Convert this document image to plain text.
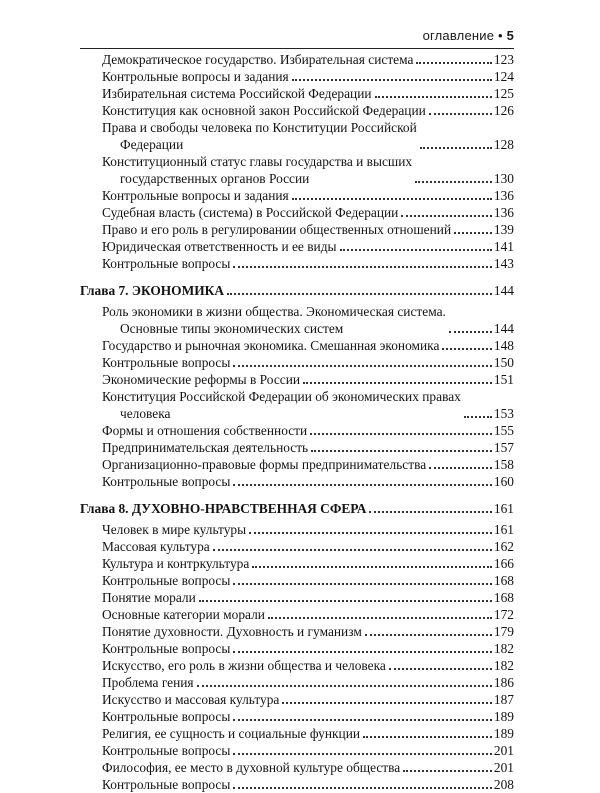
оглавление • 5
Демократическое государство. Избирательная система	123
Контрольные вопросы и задания	124
Избирательная система Российской Федерации	125
Конституция как основной закон Российской Федерации	126
Права и свободы человека по Конституции Российской
Федерации	128
Конституционный статус главы государства и высших
государственных органов России	130
Контрольные вопросы и задания	136
Судебная власть (система) в Российской Федерации	136
Право и его роль в регулировании общественных отношений	139
Юридическая ответственность и ее виды	141
Контрольные вопросы	143
Глава 7. ЭКОНОМИКА	144
Роль экономики в жизни общества. Экономическая система.
Основные типы экономических систем	144
Государство и рыночная экономика. Смешанная экономика	148
Контрольные вопросы	150
Экономические реформы в России	151
Конституция Российской Федерации об экономических правах
человека	153
Формы и отношения собственности	155
Предпринимательская деятельность	157
Организационно-правовые формы предпринимательства	158
Контрольные вопросы	160
Глава 8. ДУХОВНО-НРАВСТВЕННАЯ СФЕРА	161
Человек в мире культуры	161
Массовая культура	162
Культура и контркультура	166
Контрольные вопросы	168
Понятие морали	168
Основные категории морали	172
Понятие духовности. Духовность и гуманизм	179
Контрольные вопросы	182
Искусство, его роль в жизни общества и человека	182
Проблема гения	186
Искусство и массовая культура	187
Контрольные вопросы	189
Религия, ее сущность и социальные функции	189
Контрольные вопросы	201
Философия, ее место в духовной культуре общества	201
Контрольные вопросы	208
